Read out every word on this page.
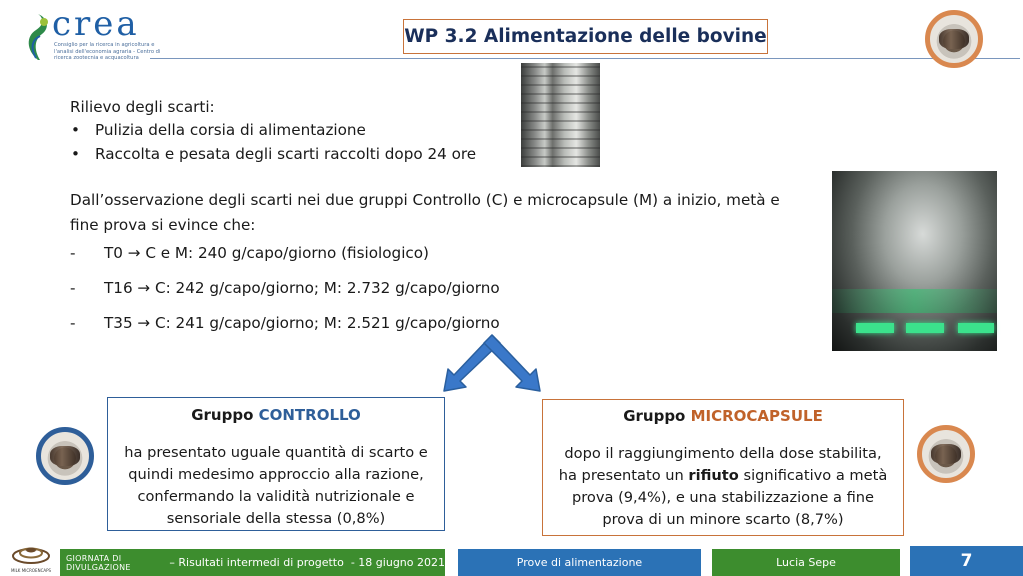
crea
Consiglio per la ricerca in agricoltura e l'analisi dell'economia agraria - Centro di ricerca zootecnia e acquacoltura
WP 3.2 Alimentazione delle bovine
Rilievo degli scarti:
• Pulizia della corsia di alimentazione
• Raccolta e pesata degli scarti raccolti dopo 24 ore
Dall’osservazione degli scarti nei due gruppi Controllo (C) e microcapsule (M) a inizio, metà e fine prova si evince che:
- T0 → C e M: 240 g/capo/giorno (fisiologico)
- T16 → C: 242 g/capo/giorno; M: 2.732 g/capo/giorno
- T35 → C: 241 g/capo/giorno; M: 2.521 g/capo/giorno
Gruppo CONTROLLO
ha presentato uguale quantità di scarto e quindi medesimo approccio alla razione, confermando la validità nutrizionale e sensoriale della stessa (0,8%)
Gruppo MICROCAPSULE
dopo il raggiungimento della dose stabilita, ha presentato un rifiuto significativo a metà prova (9,4%), e una stabilizzazione a fine prova di un minore scarto (8,7%)
MILK MICROENCAPS
GIORNATA DI DIVULGAZIONE	– Risultati intermedi di progetto  - 18 giugno 2021	Prove di alimentazione	Lucia Sepe	7
